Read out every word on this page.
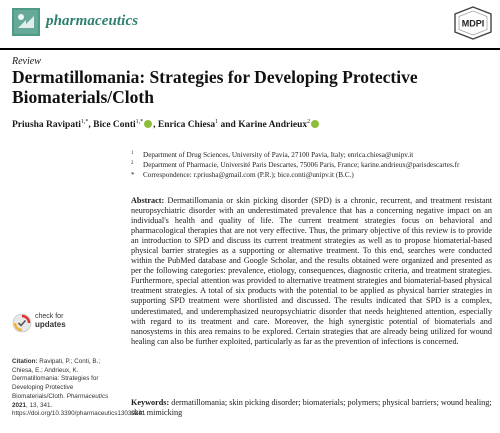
pharmaceutics	MDPI
Review
Dermatillomania: Strategies for Developing Protective Biomaterials/Cloth
Priusha Ravipati$^{1,*}$, Bice Conti$^{1,*}$ , Enrica Chiesa$^1$ and Karine Andrieux$^2$
$^1$ Department of Drug Sciences, University of Pavia, 27100 Pavia, Italy; enrica.chiesa@unipv.it
$^2$ Department of Pharmacie, Université Paris Descartes, 75006 Paris, France; karine.andrieux@parisdescartes.fr
* Correspondence: r.priusha@gmail.com (P.R.); bice.conti@unipv.it (B.C.)

Abstract: Dermatillomania or skin picking disorder (SPD) is a chronic, recurrent, and treatment resistant neuropsychiatric disorder with an underestimated prevalence that has a concerning negative impact on an individual's health and quality of life. The current treatment strategies focus on behavioral and pharmacological therapies that are not very effective. Thus, the primary objective of this review is to provide an introduction to SPD and discuss its current treatment strategies as well as to propose biomaterial-based physical barrier strategies as a supporting or alternative treatment. To this end, searches were conducted within the PubMed database and Google Scholar, and the results obtained were organized and presented as per the following categories: prevalence, etiology, consequences, diagnostic criteria, and treatment strategies. Furthermore, special attention was provided to alternative treatment strategies and biomaterial-based physical treatment strategies. A total of six products with the potential to be applied as physical barrier strategies in supporting SPD treatment were shortlisted and discussed. The results indicated that SPD is a complex, underestimated, and underemphasized neuropsychiatric disorder that needs heightened attention, especially with regard to its treatment and care. Moreover, the high synergistic potential of biomaterials and nanosystems in this area remains to be explored. Certain strategies that are already being utilized for wound healing can also be further exploited, particularly as far as the prevention of infections is concerned.

Keywords: dermatillomania; skin picking disorder; biomaterials; polymers; physical barriers; wound healing; skin mimicking

check for
updates

Citation: Ravipati, P.; Conti, B.; Chiesa, E.; Andrieux, K. Dermatillomania: Strategies for Developing Protective Biomaterials/Cloth. Pharmaceutics 2021, 13, 341. https://doi.org/10.3390/pharmaceutics13030341
